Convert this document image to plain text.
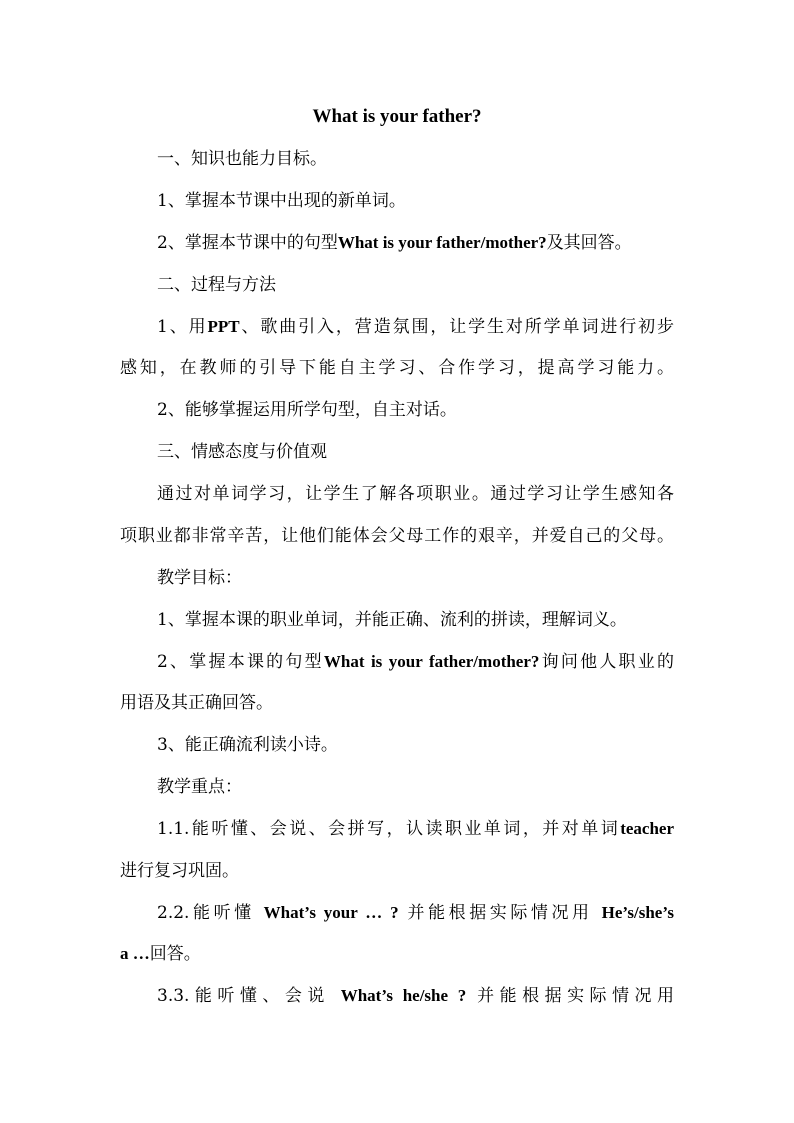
What is your father?

一、知识也能力目标。

1、掌握本节课中出现的新单词。

2、掌握本节课中的句型What is your father/mother?及其回答。

二、过程与方法

1、用PPT、歌曲引入，营造氛围，让学生对所学单词进行初步

感知，在教师的引导下能自主学习、合作学习，提高学习能力。

2、能够掌握运用所学句型，自主对话。

三、情感态度与价值观

通过对单词学习，让学生了解各项职业。通过学习让学生感知各

项职业都非常辛苦，让他们能体会父母工作的艰辛，并爱自己的父母。

教学目标：

1、掌握本课的职业单词，并能正确、流利的拼读，理解词义。

2、掌握本课的句型What is your father/mother?询问他人职业的

用语及其正确回答。

3、能正确流利读小诗。

教学重点：

1.1.能听懂、会说、会拼写，认读职业单词，并对单词teacher

进行复习巩固。

2.2.能听懂 What’s your … ? 并能根据实际情况用 He’s/she’s

a …回答。

3.3.能听懂、会说 What’s he/she ? 并能根据实际情况用
